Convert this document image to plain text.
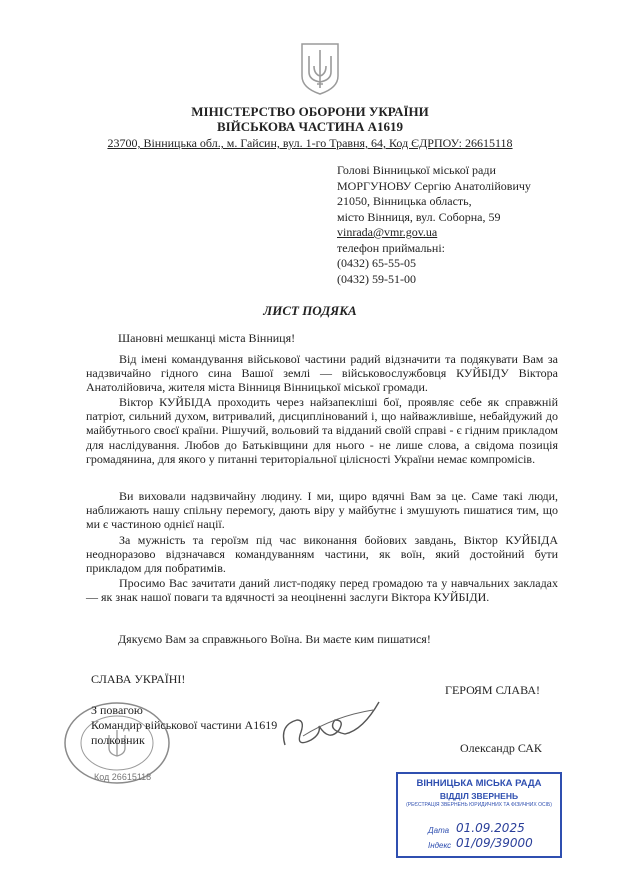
МІНІСТЕРСТВО ОБОРОНИ УКРАЇНИ
ВІЙСЬКОВА ЧАСТИНА А1619
23700, Вінницька обл., м. Гайсин, вул. 1-го Травня, 64, Код ЄДРПОУ: 26615118
Голові Вінницької міської ради
МОРГУНОВУ Сергію Анатолійовичу
21050, Вінницька область,
місто Вінниця, вул. Соборна, 59
vinrada@vmr.gov.ua
телефон приймальні:
(0432) 65-55-05
(0432) 59-51-00
ЛИСТ ПОДЯКА
Шановні мешканці міста Вінниця!
Від імені командування військової частини радий відзначити та подякувати Вам за надзвичайно гідного сина Вашої землі — військовослужбовця КУЙБІДУ Віктора Анатолійовича, жителя міста Вінниця Вінницької міської громади.
Віктор КУЙБІДА проходить через найзапекліші бої, проявляє себе як справжній патріот, сильний духом, витривалий, дисциплінований і, що найважливіше, небайдужий до майбутнього своєї країни. Рішучий, вольовий та відданий своїй справі - є гідним прикладом для наслідування. Любов до Батьківщини для нього - не лише слова, а свідома позиція громадянина, для якого у питанні територіальної цілісності України немає компромісів.
Ви виховали надзвичайну людину. І ми, щиро вдячні Вам за це. Саме такі люди, наближають нашу спільну перемогу, дають віру у майбутнє і змушують пишатися тим, що ми є частиною однієї нації.
За мужність та героїзм під час виконання бойових завдань, Віктор КУЙБІДА неодноразово відзначався командуванням частини, як воїн, який достойний бути прикладом для побратимів.
Просимо Вас зачитати даний лист-подяку перед громадою та у навчальних закладах — як знак нашої поваги та вдячності за неоціненні заслуги Віктора КУЙБІДИ.
Дякуємо Вам за справжнього Воїна. Ви маєте ким пишатися!
СЛАВА УКРАЇНІ!
ГЕРОЯМ СЛАВА!
Код 26615118
З повагою
Командир військової частини А1619
полковник
Олександр САК
ВІННИЦЬКА МІСЬКА РАДА
ВІДДІЛ ЗВЕРНЕНЬ
(РЕЄСТРАЦІЯ ЗВЕРНЕНЬ ЮРИДИЧНИХ ТА ФІЗИЧНИХ ОСІБ)
Дата 01.09.2025
Індекс 01/09/39000
